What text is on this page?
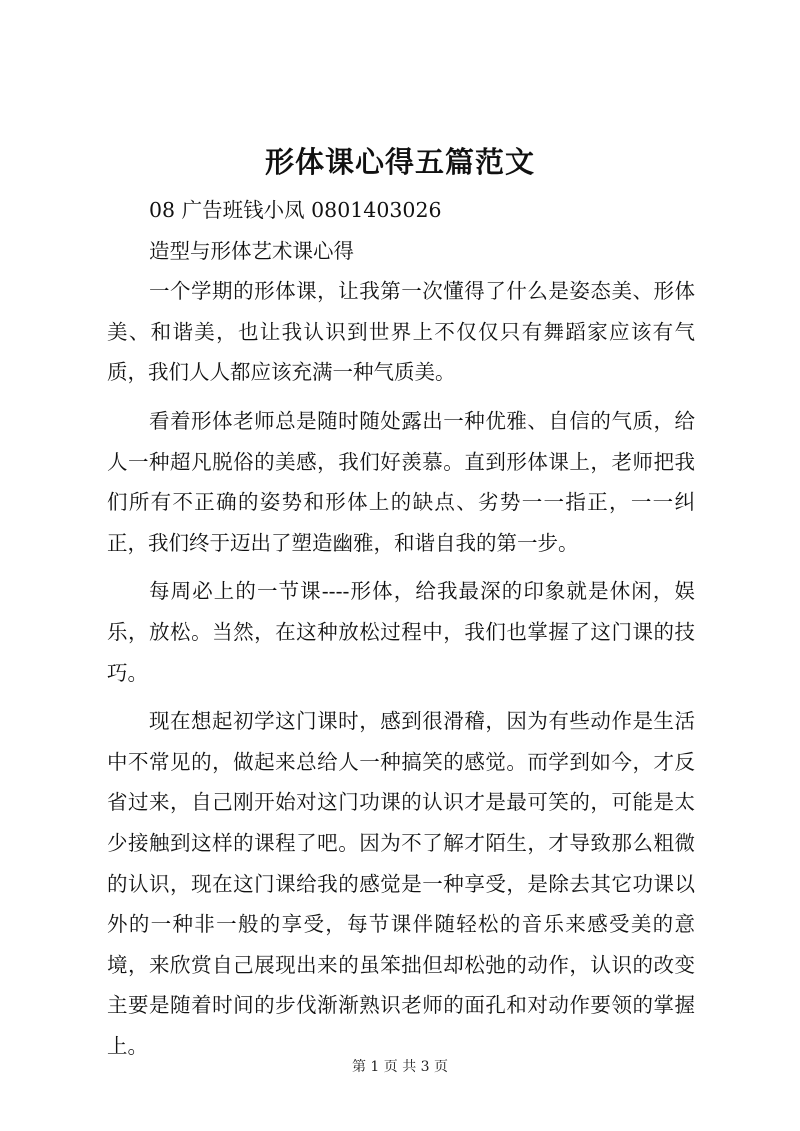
形体课心得五篇范文

08 广告班钱小凤 0801403026

造型与形体艺术课心得

一个学期的形体课，让我第一次懂得了什么是姿态美、形体美、和谐美，也让我认识到世界上不仅仅只有舞蹈家应该有气质，我们人人都应该充满一种气质美。

看着形体老师总是随时随处露出一种优雅、自信的气质，给人一种超凡脱俗的美感，我们好羡慕。直到形体课上，老师把我们所有不正确的姿势和形体上的缺点、劣势一一指正，一一纠正，我们终于迈出了塑造幽雅，和谐自我的第一步。

每周必上的一节课----形体，给我最深的印象就是休闲，娱乐，放松。当然，在这种放松过程中，我们也掌握了这门课的技巧。

现在想起初学这门课时，感到很滑稽，因为有些动作是生活中不常见的，做起来总给人一种搞笑的感觉。而学到如今，才反省过来，自己刚开始对这门功课的认识才是最可笑的，可能是太少接触到这样的课程了吧。因为不了解才陌生，才导致那么粗微的认识，现在这门课给我的感觉是一种享受，是除去其它功课以外的一种非一般的享受，每节课伴随轻松的音乐来感受美的意境，来欣赏自己展现出来的虽笨拙但却松弛的动作，认识的改变主要是随着时间的步伐渐渐熟识老师的面孔和对动作要领的掌握上。

第 1 页 共 3 页
